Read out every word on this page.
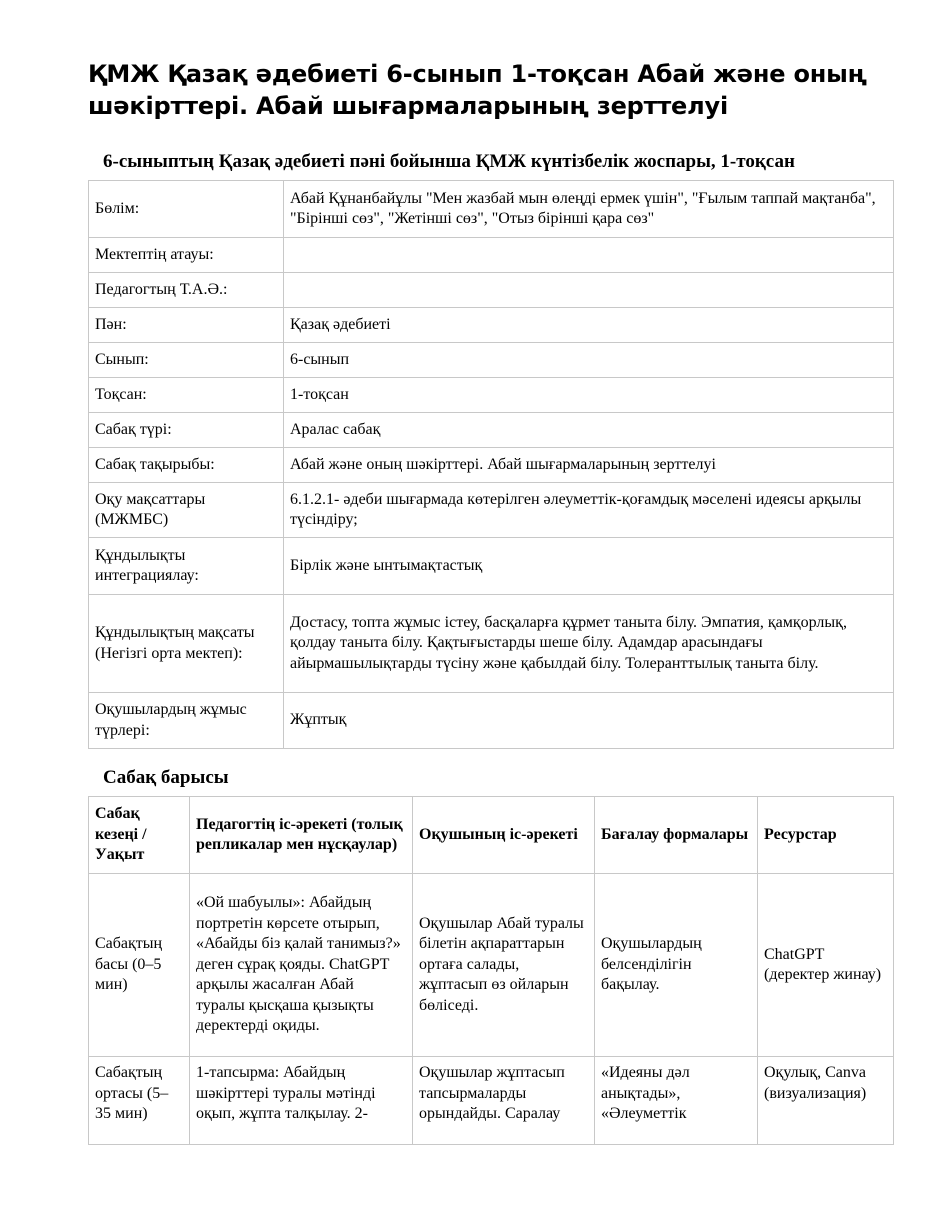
ҚМЖ Қазақ әдебиеті 6-сынып 1-тоқсан Абай және оның шәкірттері. Абай шығармаларының зерттелуі
6-сыныптың Қазақ әдебиеті пәні бойынша ҚМЖ күнтізбелік жоспары, 1-тоқсан
Бөлім:	Абай Құнанбайұлы "Мен жазбай мын өлеңді ермек үшін", "Ғылым таппай мақтанба", "Бірінші сөз", "Жетінші сөз", "Отыз бірінші қара сөз"
Мектептің атауы:	
Педагогтың Т.А.Ә.:	
Пән:	Қазақ әдебиеті
Сынып:	6-сынып
Тоқсан:	1-тоқсан
Сабақ түрі:	Аралас сабақ
Сабақ тақырыбы:	Абай және оның шәкірттері. Абай шығармаларының зерттелуі
Оқу мақсаттары (МЖМБС)	6.1.2.1- әдеби шығармада көтерілген әлеуметтік-қоғамдық мәселені идеясы арқылы түсіндіру;
Құндылықты интеграциялау:	Бірлік және ынтымақтастық
Құндылықтың мақсаты (Негізгі орта мектеп):	Достасу, топта жұмыс істеу, басқаларға құрмет таныта білу. Эмпатия, қамқорлық, қолдау таныта білу. Қақтығыстарды шеше білу. Адамдар арасындағы айырмашылықтарды түсіну және қабылдай білу. Толеранттылық таныта білу.
Оқушылардың жұмыс түрлері:	Жұптық
Сабақ барысы
Сабақ кезеңі / Уақыт	Педагогтің іс-әрекеті (толық репликалар мен нұсқаулар)	Оқушының іс-әрекеті	Бағалау формалары	Ресурстар
Сабақтың басы (0–5 мин)	«Ой шабуылы»: Абайдың портретін көрсете отырып, «Абайды біз қалай танимыз?» деген сұрақ қояды. ChatGPT арқылы жасалған Абай туралы қысқаша қызықты деректерді оқиды.	Оқушылар Абай туралы білетін ақпараттарын ортаға салады, жұптасып өз ойларын бөліседі.	Оқушылардың белсенділігін бақылау.	ChatGPT (деректер жинау)
Сабақтың ортасы (5–35 мин)	1-тапсырма: Абайдың шәкірттері туралы мәтінді оқып, жұпта талқылау. 2-	Оқушылар жұптасып тапсырмаларды орындайды. Саралау	«Идеяны дәл анықтады», «Әлеуметтік	Оқулық, Canva (визуализация)
